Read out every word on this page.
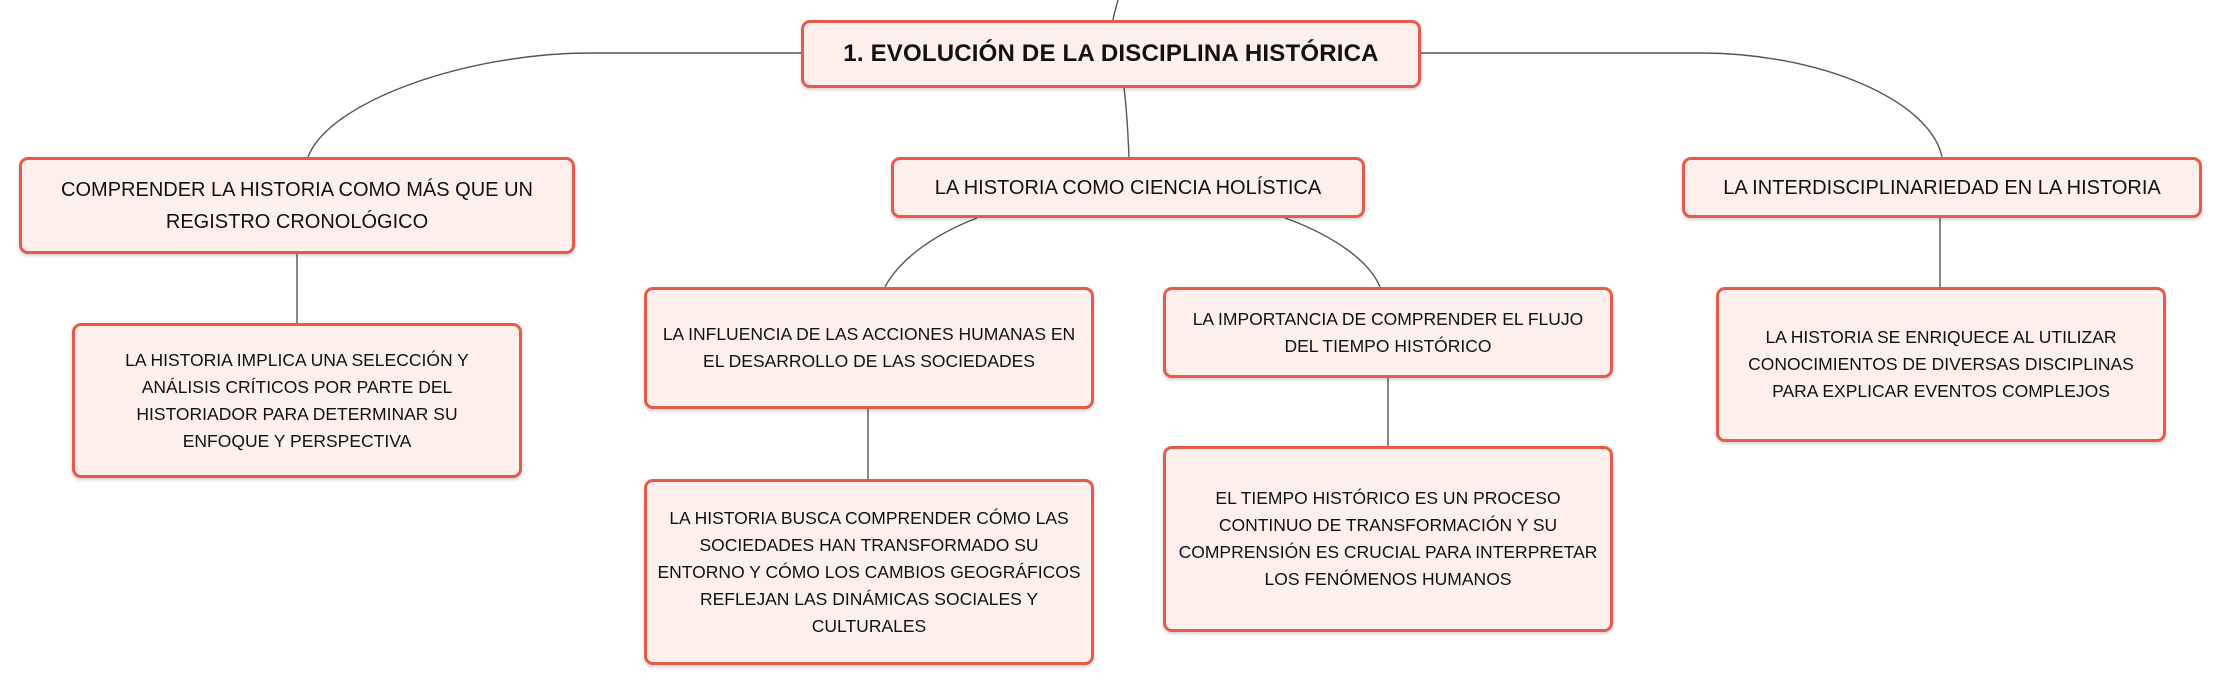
1. EVOLUCIÓN DE LA DISCIPLINA HISTÓRICA
COMPRENDER LA HISTORIA COMO MÁS QUE UN REGISTRO CRONOLÓGICO
LA HISTORIA COMO CIENCIA HOLÍSTICA	LA INTERDISCIPLINARIEDAD EN LA HISTORIA
LA HISTORIA IMPLICA UNA SELECCIÓN Y ANÁLISIS CRÍTICOS POR PARTE DEL HISTORIADOR PARA DETERMINAR SU ENFOQUE Y PERSPECTIVA
LA INFLUENCIA DE LAS ACCIONES HUMANAS EN EL DESARROLLO DE LAS SOCIEDADES
LA IMPORTANCIA DE COMPRENDER EL FLUJO DEL TIEMPO HISTÓRICO
LA HISTORIA BUSCA COMPRENDER CÓMO LAS SOCIEDADES HAN TRANSFORMADO SU ENTORNO Y CÓMO LOS CAMBIOS GEOGRÁFICOS REFLEJAN LAS DINÁMICAS SOCIALES Y CULTURALES
EL TIEMPO HISTÓRICO ES UN PROCESO CONTINUO DE TRANSFORMACIÓN Y SU COMPRENSIÓN ES CRUCIAL PARA INTERPRETAR LOS FENÓMENOS HUMANOS
LA HISTORIA SE ENRIQUECE AL UTILIZAR CONOCIMIENTOS DE DIVERSAS DISCIPLINAS PARA EXPLICAR EVENTOS COMPLEJOS
